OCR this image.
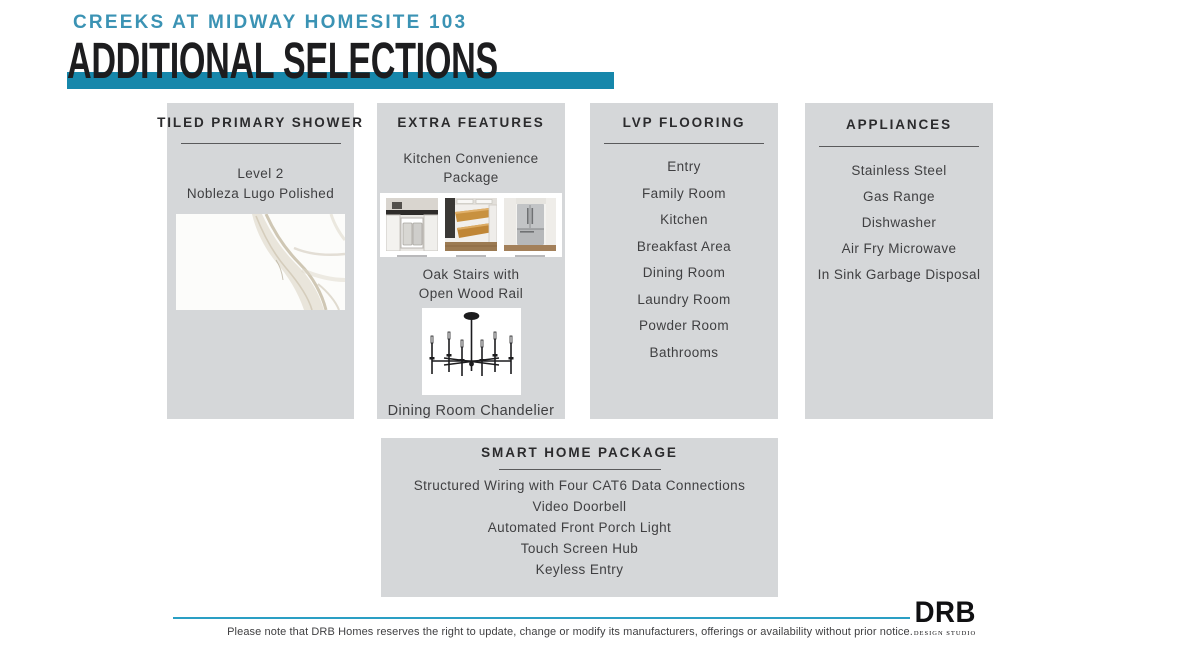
CREEKS AT MIDWAY HOMESITE 103
ADDITIONAL SELECTIONS
TILED PRIMARY SHOWER
Level 2
Nobleza Lugo Polished
EXTRA FEATURES
Kitchen Convenience
Package
Oak Stairs with
Open Wood Rail
Dining Room Chandelier
LVP FLOORING
Entry
Family Room
Kitchen
Breakfast Area
Dining Room
Laundry Room
Powder Room
Bathrooms
APPLIANCES
Stainless Steel
Gas Range
Dishwasher
Air Fry Microwave
In Sink Garbage Disposal
SMART HOME PACKAGE
Structured Wiring with Four CAT6 Data Connections
Video Doorbell
Automated Front Porch Light
Touch Screen Hub
Keyless Entry
Please note that DRB Homes reserves the right to update, change or modify its manufacturers, offerings or availability without prior notice.
DRB
DESIGN STUDIO
